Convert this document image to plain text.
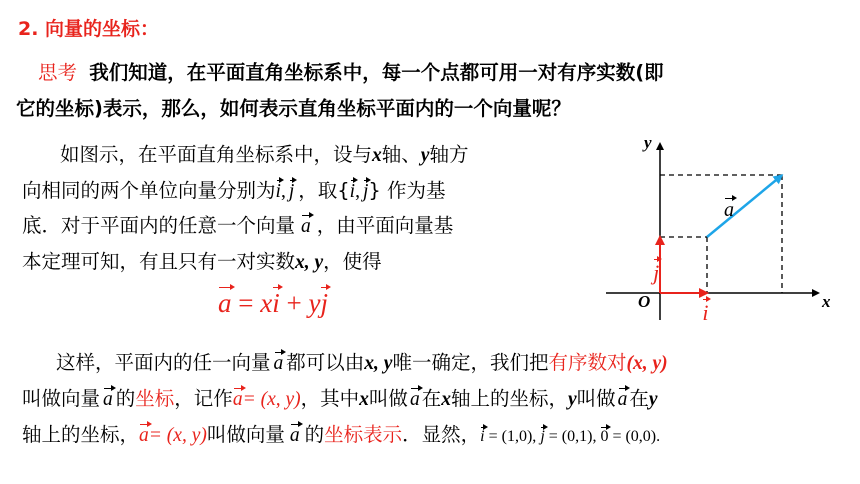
2. 向量的坐标：
思考 我们知道，在平面直角坐标系中，每一个点都可用一对有序实数(即
它的坐标)表示，那么，如何表示直角坐标平面内的一个向量呢？
如图示，在平面直角坐标系中，设与x轴、y轴方
向相同的两个单位向量分别为i, j ，取{i, j} 作为基
底．对于平面内的任意一个向量 a ，由平面向量基
本定理可知，有且只有一对实数x, y，使得
a = xi + yj
y
x
O
a j i
这样，平面内的任一向量 a 都可以由x, y唯一确定，我们把有序数对(x, y)
叫做向量 a 的坐标，记作a= (x, y)，其中x叫做 a 在x轴上的坐标，y叫做 a 在y
轴上的坐标，a= (x, y)叫做向量 a 的坐标表示．显然，i = (1,0), j = (0,1), 0 = (0,0).
